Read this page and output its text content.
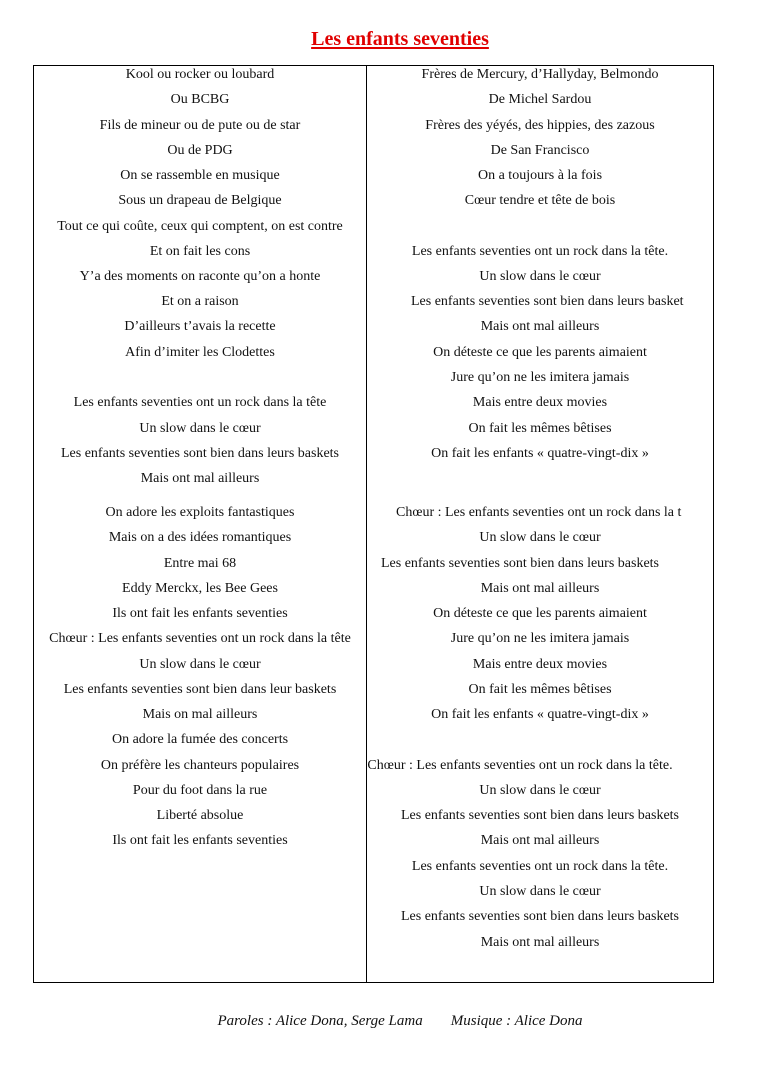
Les enfants seventies
Kool ou rocker ou loubard
Ou BCBG
Fils de mineur ou de pute ou de star
Ou de PDG
On se rassemble en musique
Sous un drapeau de Belgique
Tout ce qui coûte, ceux qui comptent, on est contre
Et on fait les cons
Y’a des moments on raconte qu’on a honte
Et on a raison
D’ailleurs t’avais la recette
Afin d’imiter les Clodettes
Les enfants seventies ont un rock dans la tête
Un slow dans le cœur
Les enfants seventies sont bien dans leurs baskets
Mais ont mal ailleurs
On adore les exploits fantastiques
Mais on a des idées romantiques
Entre mai 68
Eddy Merckx, les Bee Gees
Ils ont fait les enfants seventies
Chœur : Les enfants seventies ont un rock dans la tête
Un slow dans le cœur
Les enfants seventies sont bien dans leur baskets
Mais on mal ailleurs
On adore la fumée des concerts
On préfère les chanteurs populaires
Pour du foot dans la rue
Liberté absolue
Ils ont fait les enfants seventies
Frères de Mercury, d’Hallyday, Belmondo
De Michel Sardou
Frères des yéyés, des hippies, des zazous
De San Francisco
On a toujours à la fois
Cœur tendre et tête de bois
Les enfants seventies ont un rock dans la tête.
Un slow dans le cœur
Les enfants seventies sont bien dans leurs basket
Mais ont mal ailleurs
On déteste ce que les parents aimaient
Jure qu’on ne les imitera jamais
Mais entre deux movies
On fait les mêmes bêtises
On fait les enfants « quatre-vingt-dix »
Chœur : Les enfants seventies ont un rock dans la t
Un slow dans le cœur
Les enfants seventies sont bien dans leurs baskets
Mais ont mal ailleurs
On déteste ce que les parents aimaient
Jure qu’on ne les imitera jamais
Mais entre deux movies
On fait les mêmes bêtises
On fait les enfants « quatre-vingt-dix »
Chœur : Les enfants seventies ont un rock dans la tête.
Un slow dans le cœur
Les enfants seventies sont bien dans leurs baskets
Mais ont mal ailleurs
Les enfants seventies ont un rock dans la tête.
Un slow dans le cœur
Les enfants seventies sont bien dans leurs baskets
Mais ont mal ailleurs
Paroles : Alice Dona, Serge Lama Musique : Alice Dona
